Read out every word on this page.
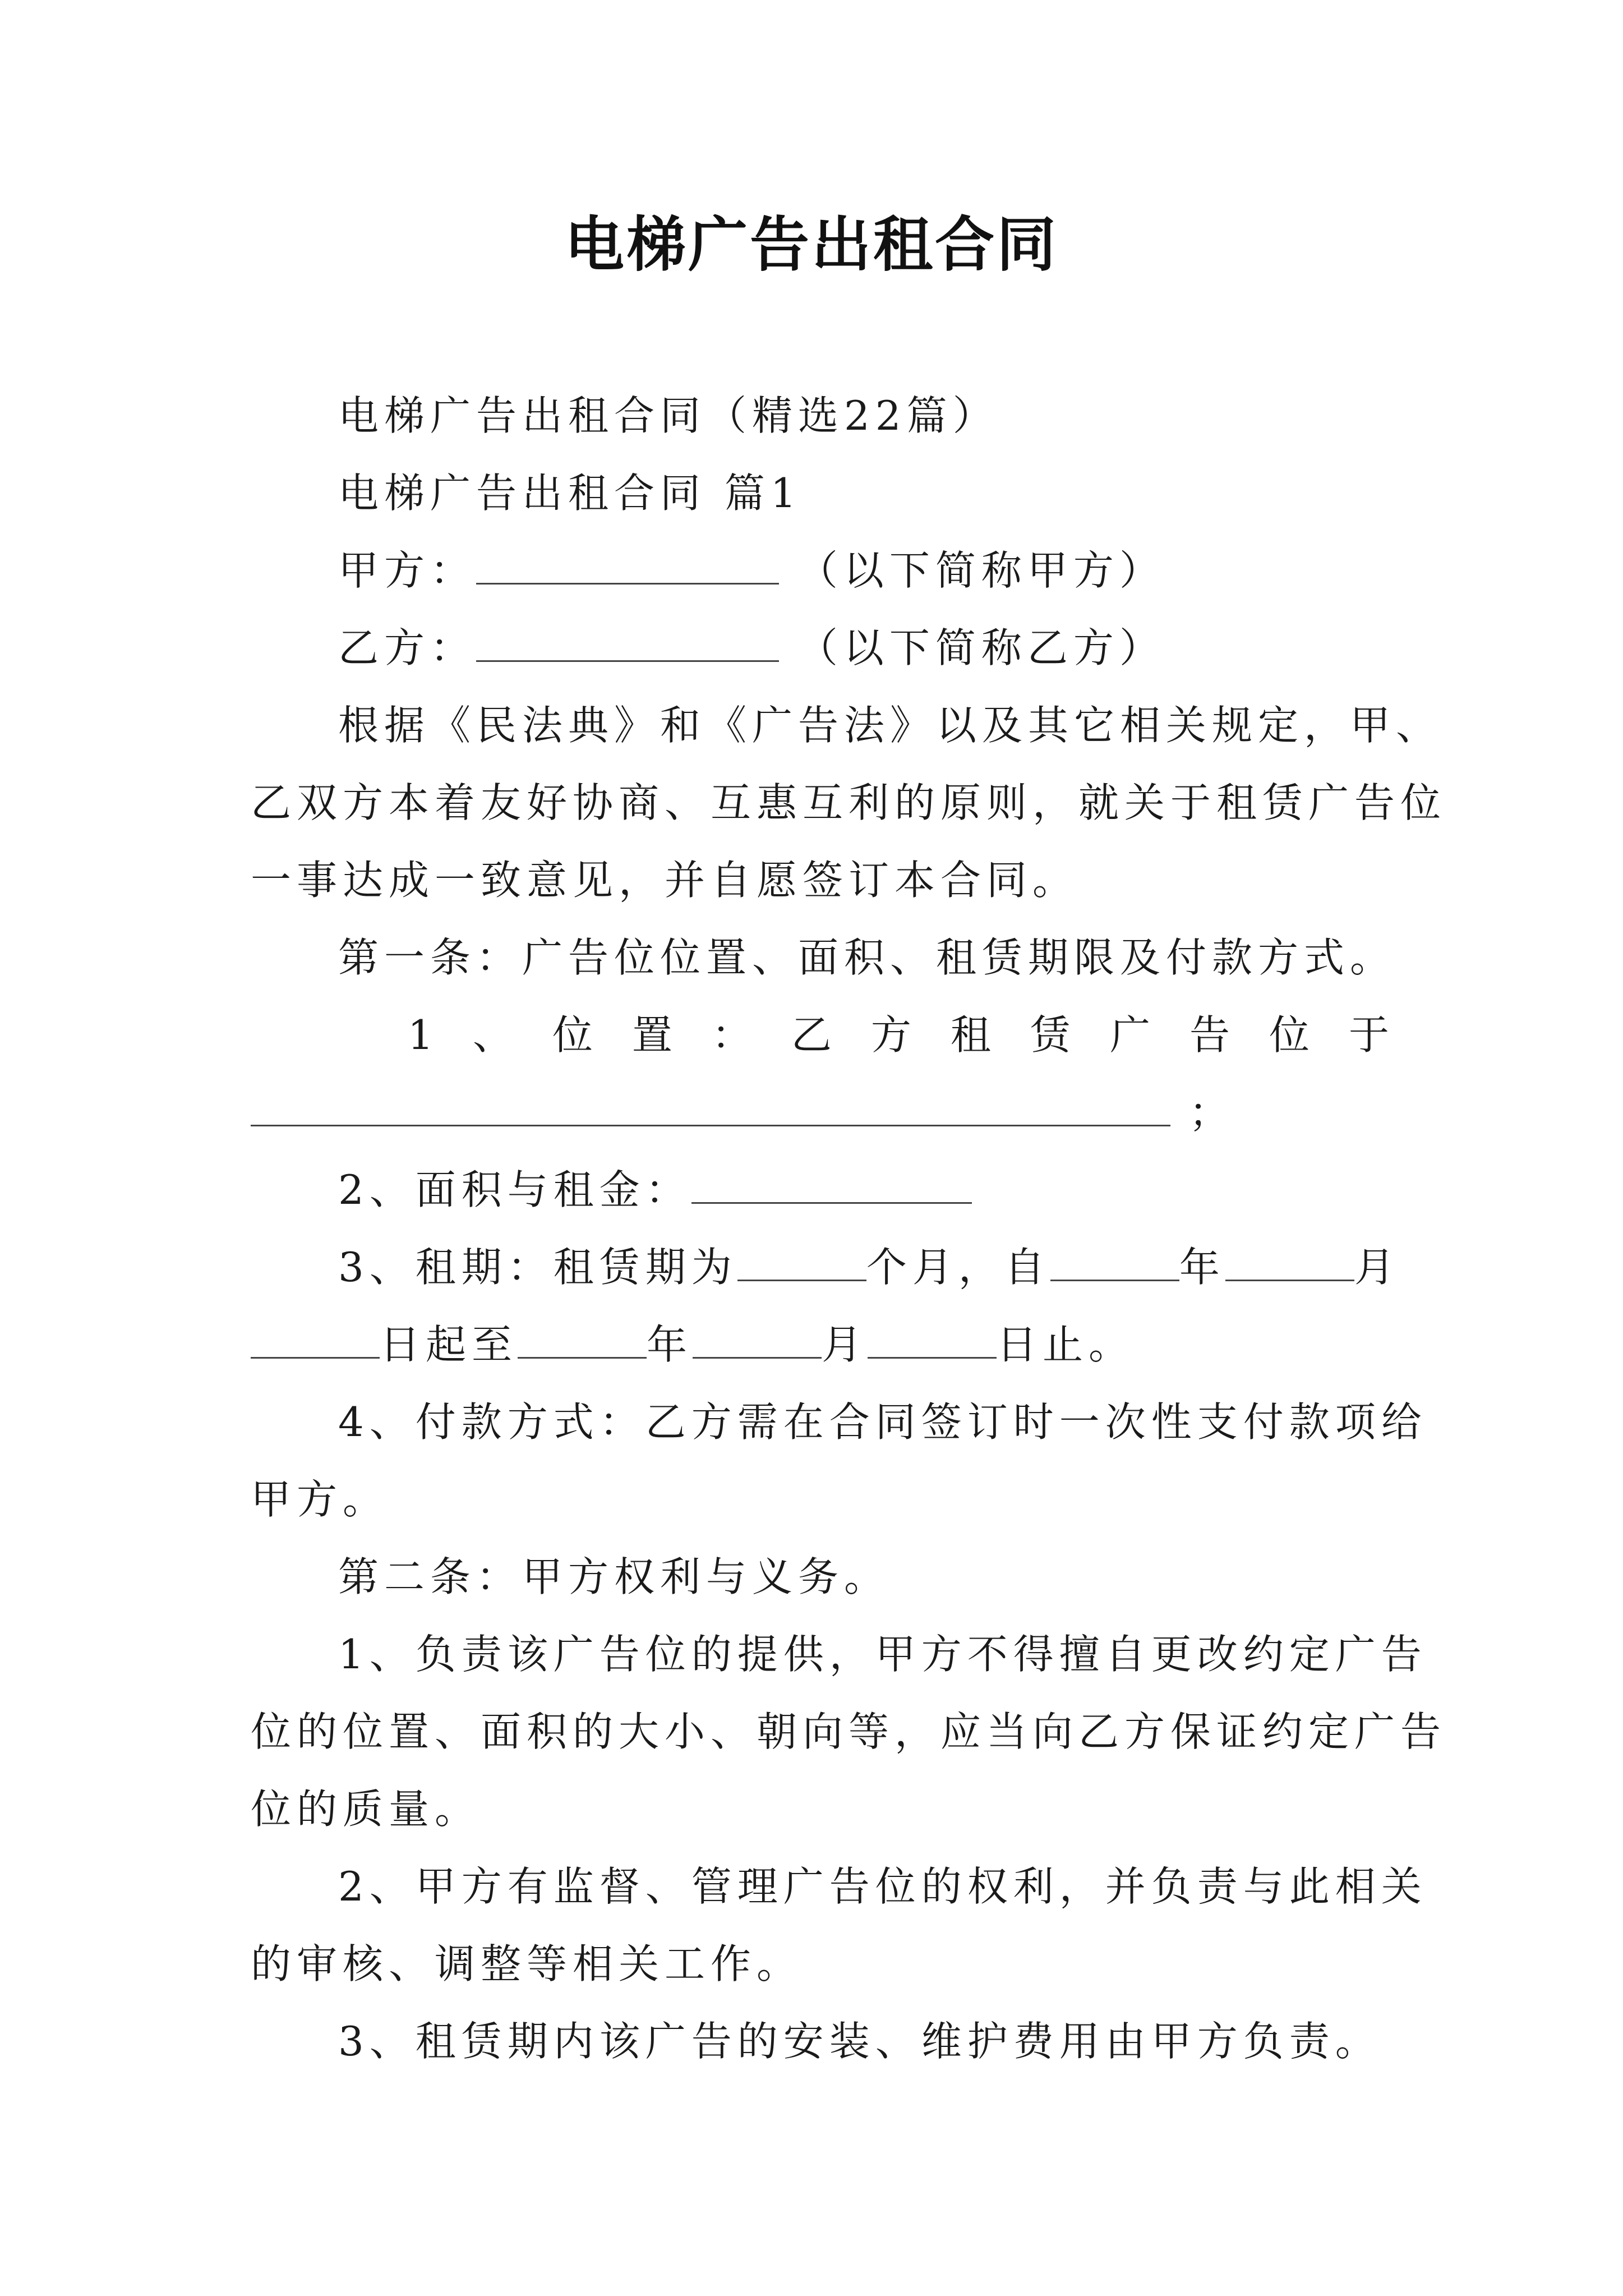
电梯广告出租合同
电梯广告出租合同（精选22篇）
电梯广告出租合同 篇1
甲方：	（以下简称甲方）
乙方：	（以下简称乙方）
根据《民法典》和《广告法》以及其它相关规定，甲、
乙双方本着友好协商、互惠互利的原则，就关于租赁广告位
一事达成一致意见，并自愿签订本合同。
第一条：广告位位置、面积、租赁期限及付款方式。
1 、 位 置 ： 乙 方 租 赁 广 告 位 于
；
2、面积与租金：
3、租期：租赁期为	个月，自	年	月
日起至	年	月	日止。
4、付款方式：乙方需在合同签订时一次性支付款项给
甲方。
第二条：甲方权利与义务。
1、负责该广告位的提供，甲方不得擅自更改约定广告
位的位置、面积的大小、朝向等，应当向乙方保证约定广告
位的质量。
2、甲方有监督、管理广告位的权利，并负责与此相关
的审核、调整等相关工作。
3、租赁期内该广告的安装、维护费用由甲方负责。
